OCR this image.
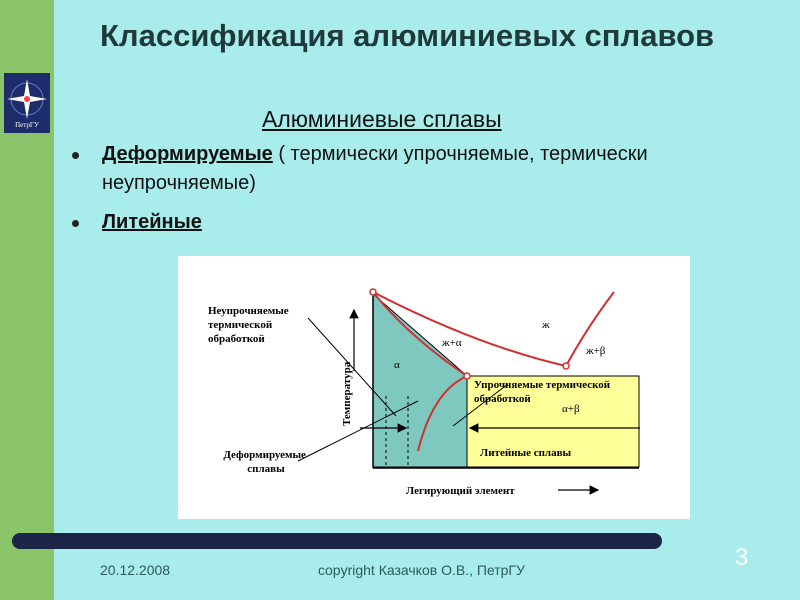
ПетрГУ
Классификация алюминиевых сплавов
Алюминиевые сплавы
Деформируемые ( термически упрочняемые, термически неупрочняемые)
Литейные
Неупрочняемые термической обработкой
Деформируемые сплавы
Упрочняемые термической обработкой
Литейные сплавы
ж
ж+α
ж+β
α
α+β
Температура
Легирующий элемент
3
20.12.2008	copyright Казачков О.В., ПетрГУ
